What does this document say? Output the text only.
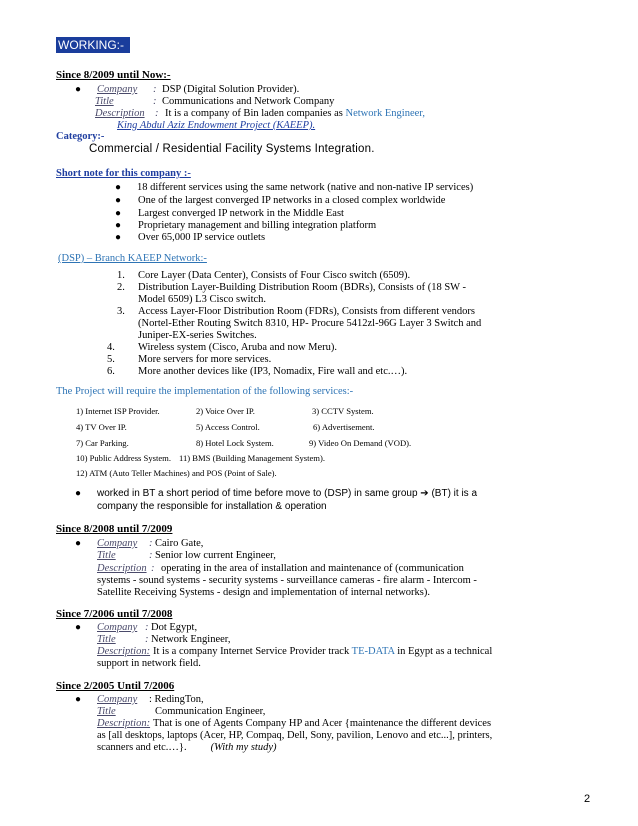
WORKING:-
Since 8/2009 until Now:-
● Company : DSP (Digital Solution Provider).
Title	: Communications and Network Company
Description : It is a company of Bin laden companies as Network Engineer,
King Abdul Aziz Endowment Project (KAEEP).
Category:-
Commercial / Residential Facility Systems Integration.
Short note for this company :-
● 18 different services using the same network (native and non-native IP services)
● One of the largest converged IP networks in a closed complex worldwide
● Largest converged IP network in the Middle East
● Proprietary management and billing integration platform
● Over 65,000 IP service outlets
(DSP) – Branch KAEEP Network:-
1. Core Layer (Data Center), Consists of Four Cisco switch (6509).
2. Distribution Layer-Building Distribution Room (BDRs), Consists of (18 SW -
Model 6509) L3 Cisco switch.
3. Access Layer-Floor Distribution Room (FDRs), Consists from different vendors
(Nortel-Ether Routing Switch 8310, HP- Procure 5412zl-96G Layer 3 Switch and
Juniper-EX-series Switches.
4. Wireless system (Cisco, Aruba and now Meru).
5. More servers for more services.
6. More another devices like (IP3, Nomadix, Fire wall and etc.…).
The Project will require the implementation of the following services:-
1) Internet ISP Provider.	2) Voice Over IP.	3) CCTV System.
4) TV Over IP.	5) Access Control.	6) Advertisement.
7) Car Parking.	8) Hotel Lock System.	9) Video On Demand (VOD).
10) Public Address System. 11) BMS (Building Management System).
12) ATM (Auto Teller Machines) and POS (Point of Sale).
● worked in BT a short period of time before move to (DSP) in same group ➔ (BT) it is a
company the responsible for installation & operation
Since 8/2008 until 7/2009
● Company : Cairo Gate,
Title	: Senior low current Engineer,
Description : operating in the area of installation and maintenance of (communication
systems - sound systems - security systems - surveillance cameras - fire alarm - Intercom -
Satellite Receiving Systems - design and implementation of internal networks).
Since 7/2006 until 7/2008
● Company : Dot Egypt,
Title	: Network Engineer,
Description: It is a company Internet Service Provider track TE-DATA in Egypt as a technical
support in network field.
Since 2/2005 Until 7/2006
● Company : RedingTon,
Title	Communication Engineer,
Description: That is one of Agents Company HP and Acer {maintenance the different devices
as [all desktops, laptops (Acer, HP, Compaq, Dell, Sony, pavilion, Lenovo and etc...], printers,
scanners and etc.…}. (With my study)
2
